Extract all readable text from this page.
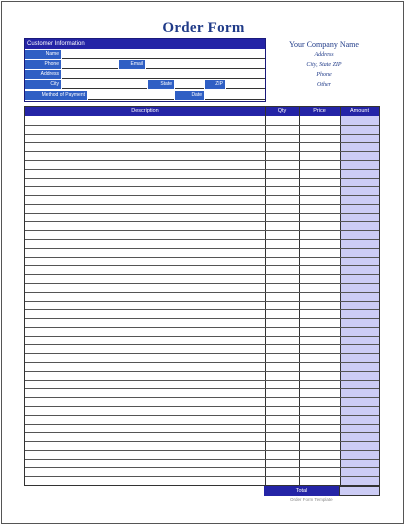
Order Form
Customer Information
Name
Phone	Email
Address
City	State	ZIP
Method of Payment	Date
Your Company Name
Address
City, State ZIP
Phone
Other
Description	Qty	Price	Amount
Total
Order Form Template
